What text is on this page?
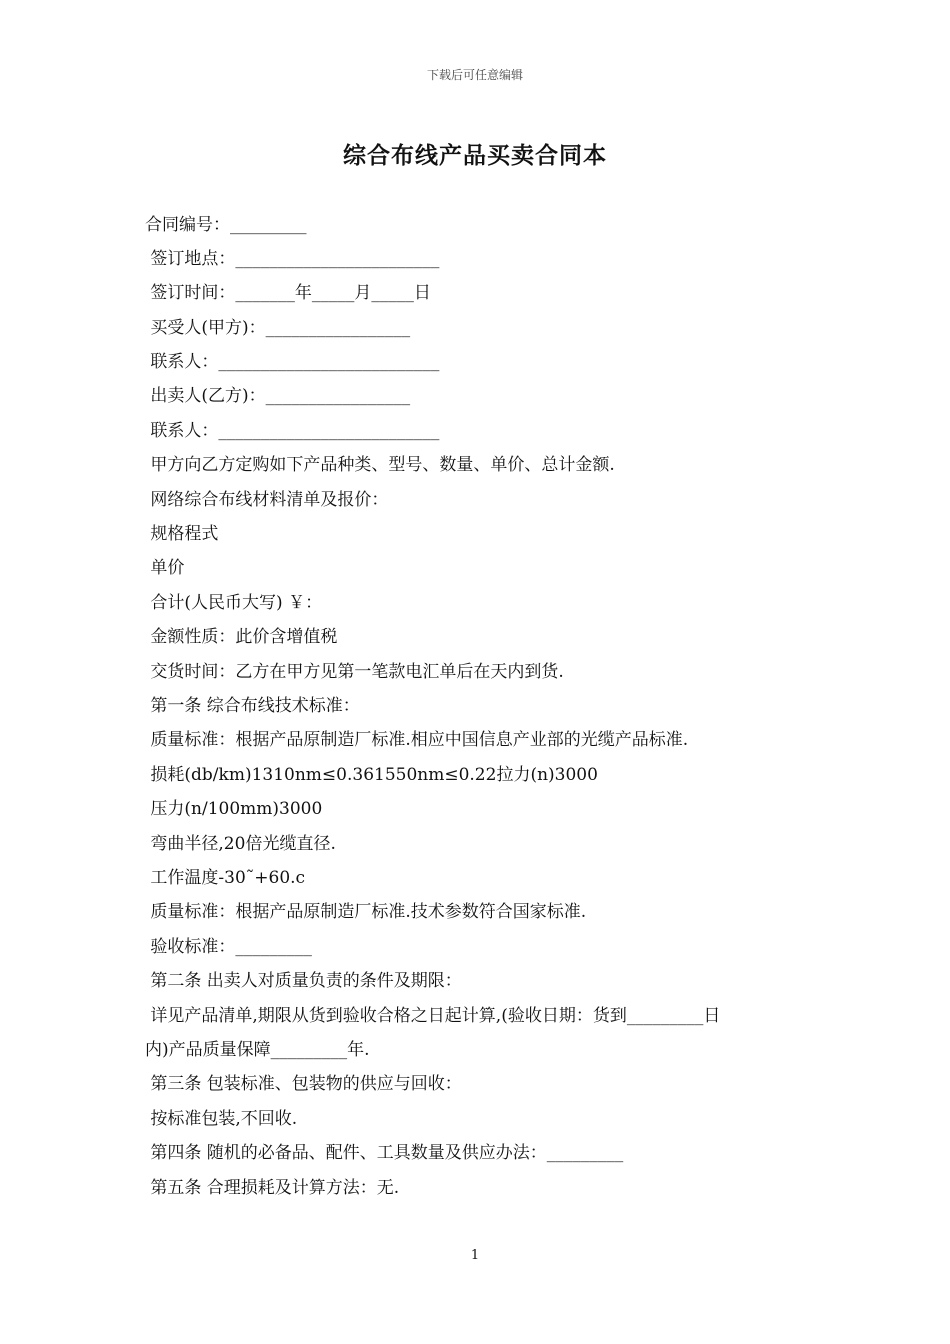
下载后可任意编辑
综合布线产品买卖合同本
合同编号：_________
签订地点：________________________
签订时间：_______年_____月_____日
买受人(甲方)：_________________
联系人：__________________________
出卖人(乙方)：_________________
联系人：__________________________
甲方向乙方定购如下产品种类、型号、数量、单价、总计金额.
网络综合布线材料清单及报价：
规格程式
单价
合计(人民币大写) ￥：
金额性质：此价含增值税
交货时间：乙方在甲方见第一笔款电汇单后在天内到货.
第一条 综合布线技术标准：
质量标准：根据产品原制造厂标准.相应中国信息产业部的光缆产品标准.
损耗(db/km)1310nm≤0.361550nm≤0.22拉力(n)3000
压力(n/100mm)3000
弯曲半径,20倍光缆直径.
工作温度-30˜+60.c
质量标准：根据产品原制造厂标准.技术参数符合国家标准.
验收标准：_________
第二条 出卖人对质量负责的条件及期限：
详见产品清单,期限从货到验收合格之日起计算,(验收日期：货到_________日
内)产品质量保障_________年.
第三条 包装标准、包装物的供应与回收：
按标准包装,不回收.
第四条 随机的必备品、配件、工具数量及供应办法：_________
第五条 合理损耗及计算方法：无.
1
